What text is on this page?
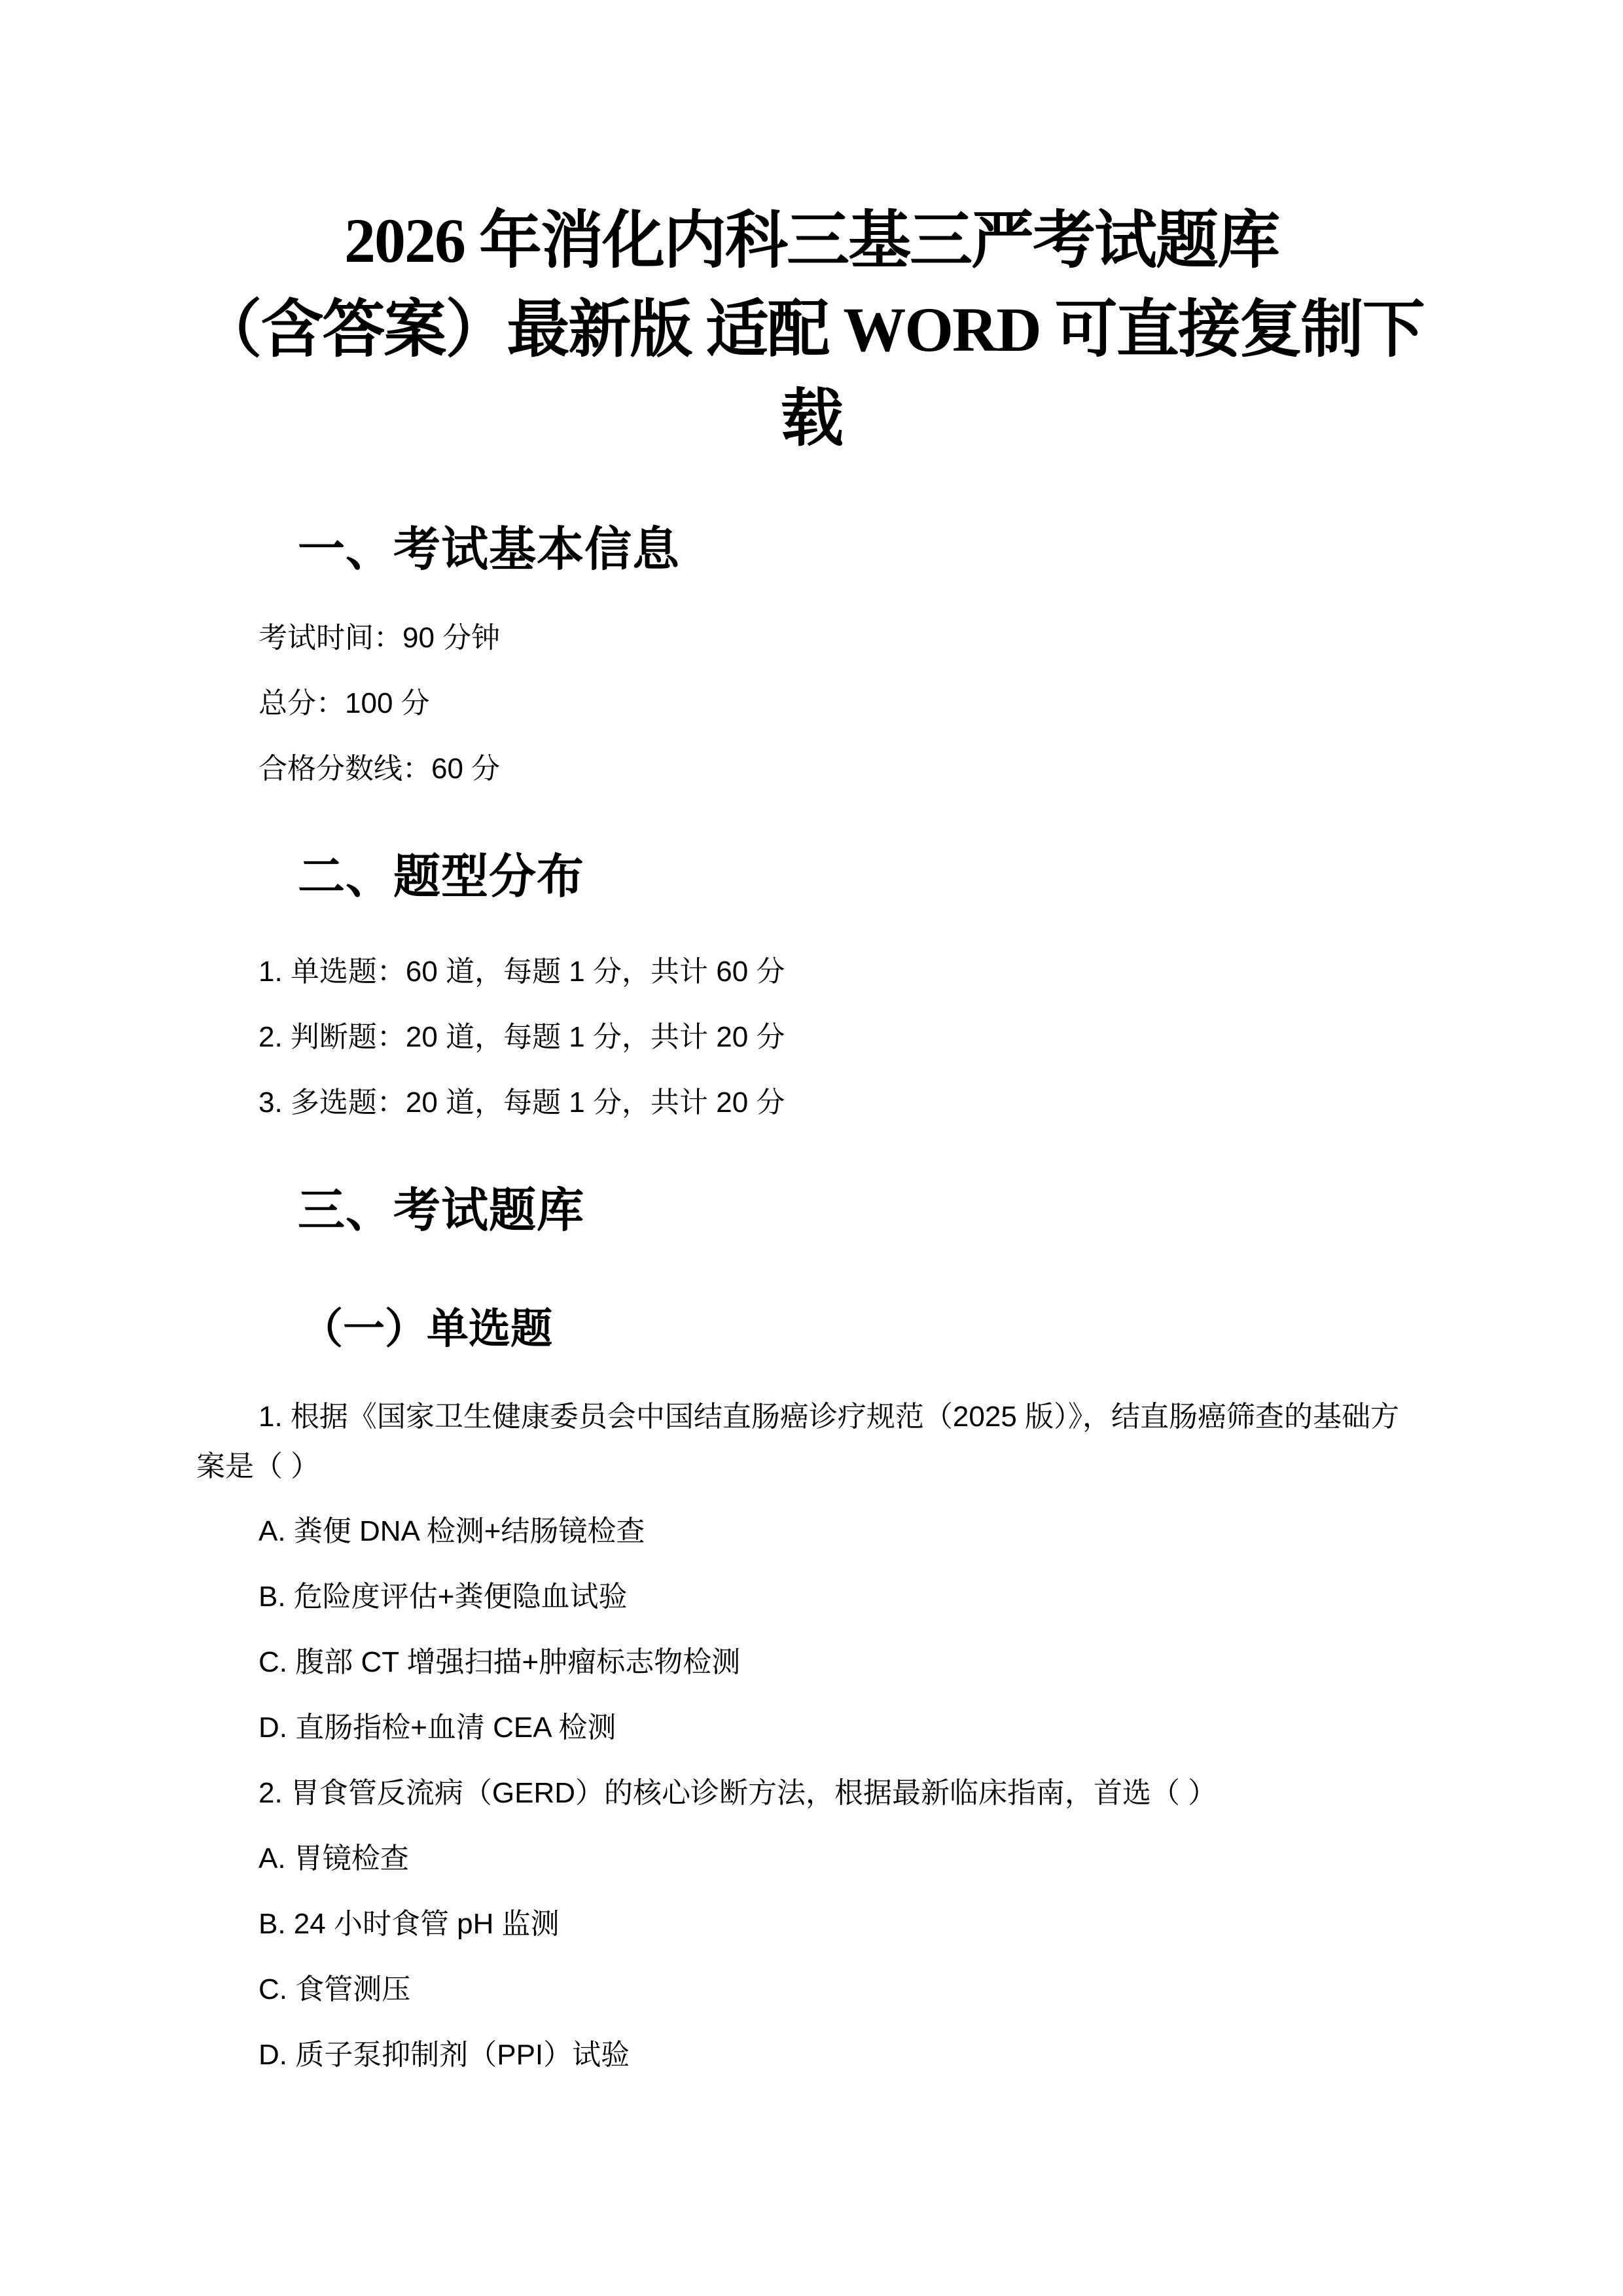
2026 年消化内科三基三严考试题库
（含答案）最新版 适配 WORD 可直接复制下
载
一、考试基本信息

考试时间：90 分钟

总分：100 分

合格分数线：60 分

二、题型分布

1. 单选题：60 道，每题 1 分，共计 60 分

2. 判断题：20 道，每题 1 分，共计 20 分

3. 多选题：20 道，每题 1 分，共计 20 分

三、考试题库
（一）单选题

1. 根据《国家卫生健康委员会中国结直肠癌诊疗规范（2025 版）》，结直肠癌筛查的基础方案是（ ）

A. 粪便 DNA 检测+结肠镜检查

B. 危险度评估+粪便隐血试验

C. 腹部 CT 增强扫描+肿瘤标志物检测

D. 直肠指检+血清 CEA 检测

2. 胃食管反流病（GERD）的核心诊断方法，根据最新临床指南，首选（ ）

A. 胃镜检查

B. 24 小时食管 pH 监测

C. 食管测压

D. 质子泵抑制剂（PPI）试验
